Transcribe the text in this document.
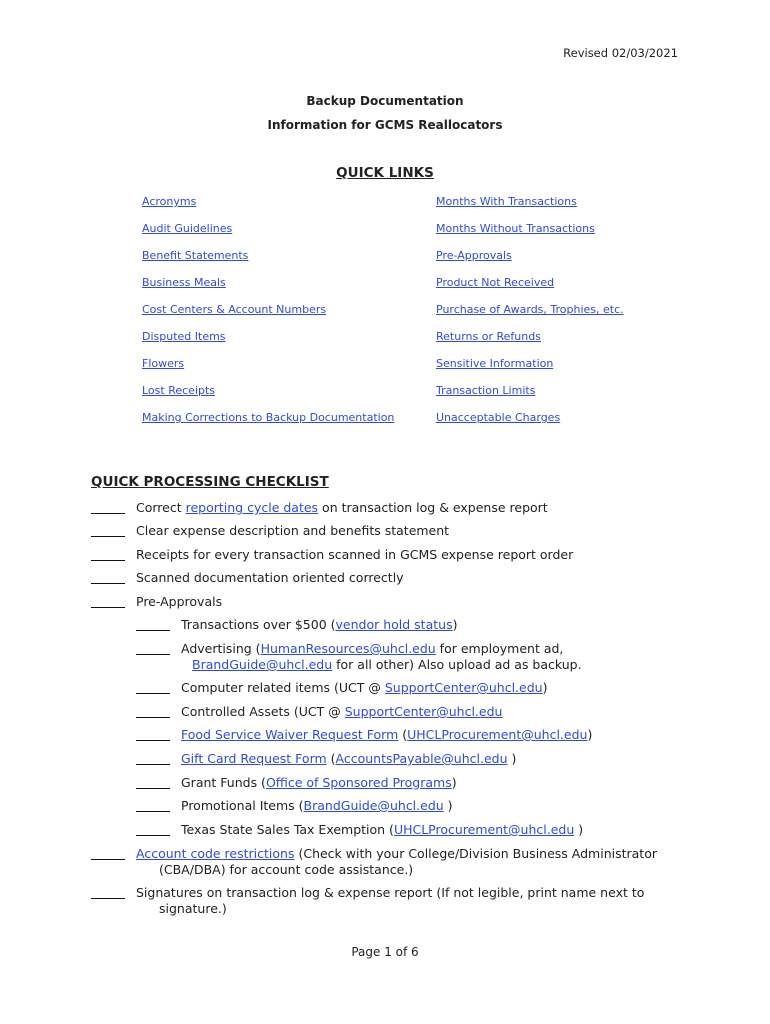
Revised 02/03/2021
Backup Documentation
Information for GCMS Reallocators
QUICK LINKS
Acronyms
Audit Guidelines
Benefit Statements
Business Meals
Cost Centers & Account Numbers
Disputed Items
Flowers
Lost Receipts
Making Corrections to Backup Documentation
Months With Transactions
Months Without Transactions
Pre-Approvals
Product Not Received
Purchase of Awards, Trophies, etc.
Returns or Refunds
Sensitive Information
Transaction Limits
Unacceptable Charges
QUICK PROCESSING CHECKLIST
Correct reporting cycle dates on transaction log & expense report
Clear expense description and benefits statement
Receipts for every transaction scanned in GCMS expense report order
Scanned documentation oriented correctly
Pre-Approvals
Transactions over $500 (vendor hold status)
Advertising (HumanResources@uhcl.edu for employment ad,
BrandGuide@uhcl.edu for all other) Also upload ad as backup.
Computer related items (UCT @ SupportCenter@uhcl.edu)
Controlled Assets (UCT @ SupportCenter@uhcl.edu
Food Service Waiver Request Form (UHCLProcurement@uhcl.edu)
Gift Card Request Form (AccountsPayable@uhcl.edu )
Grant Funds (Office of Sponsored Programs)
Promotional Items (BrandGuide@uhcl.edu )
Texas State Sales Tax Exemption (UHCLProcurement@uhcl.edu )
Account code restrictions (Check with your College/Division Business Administrator
(CBA/DBA) for account code assistance.)
Signatures on transaction log & expense report (If not legible, print name next to
signature.)
Page 1 of 6
